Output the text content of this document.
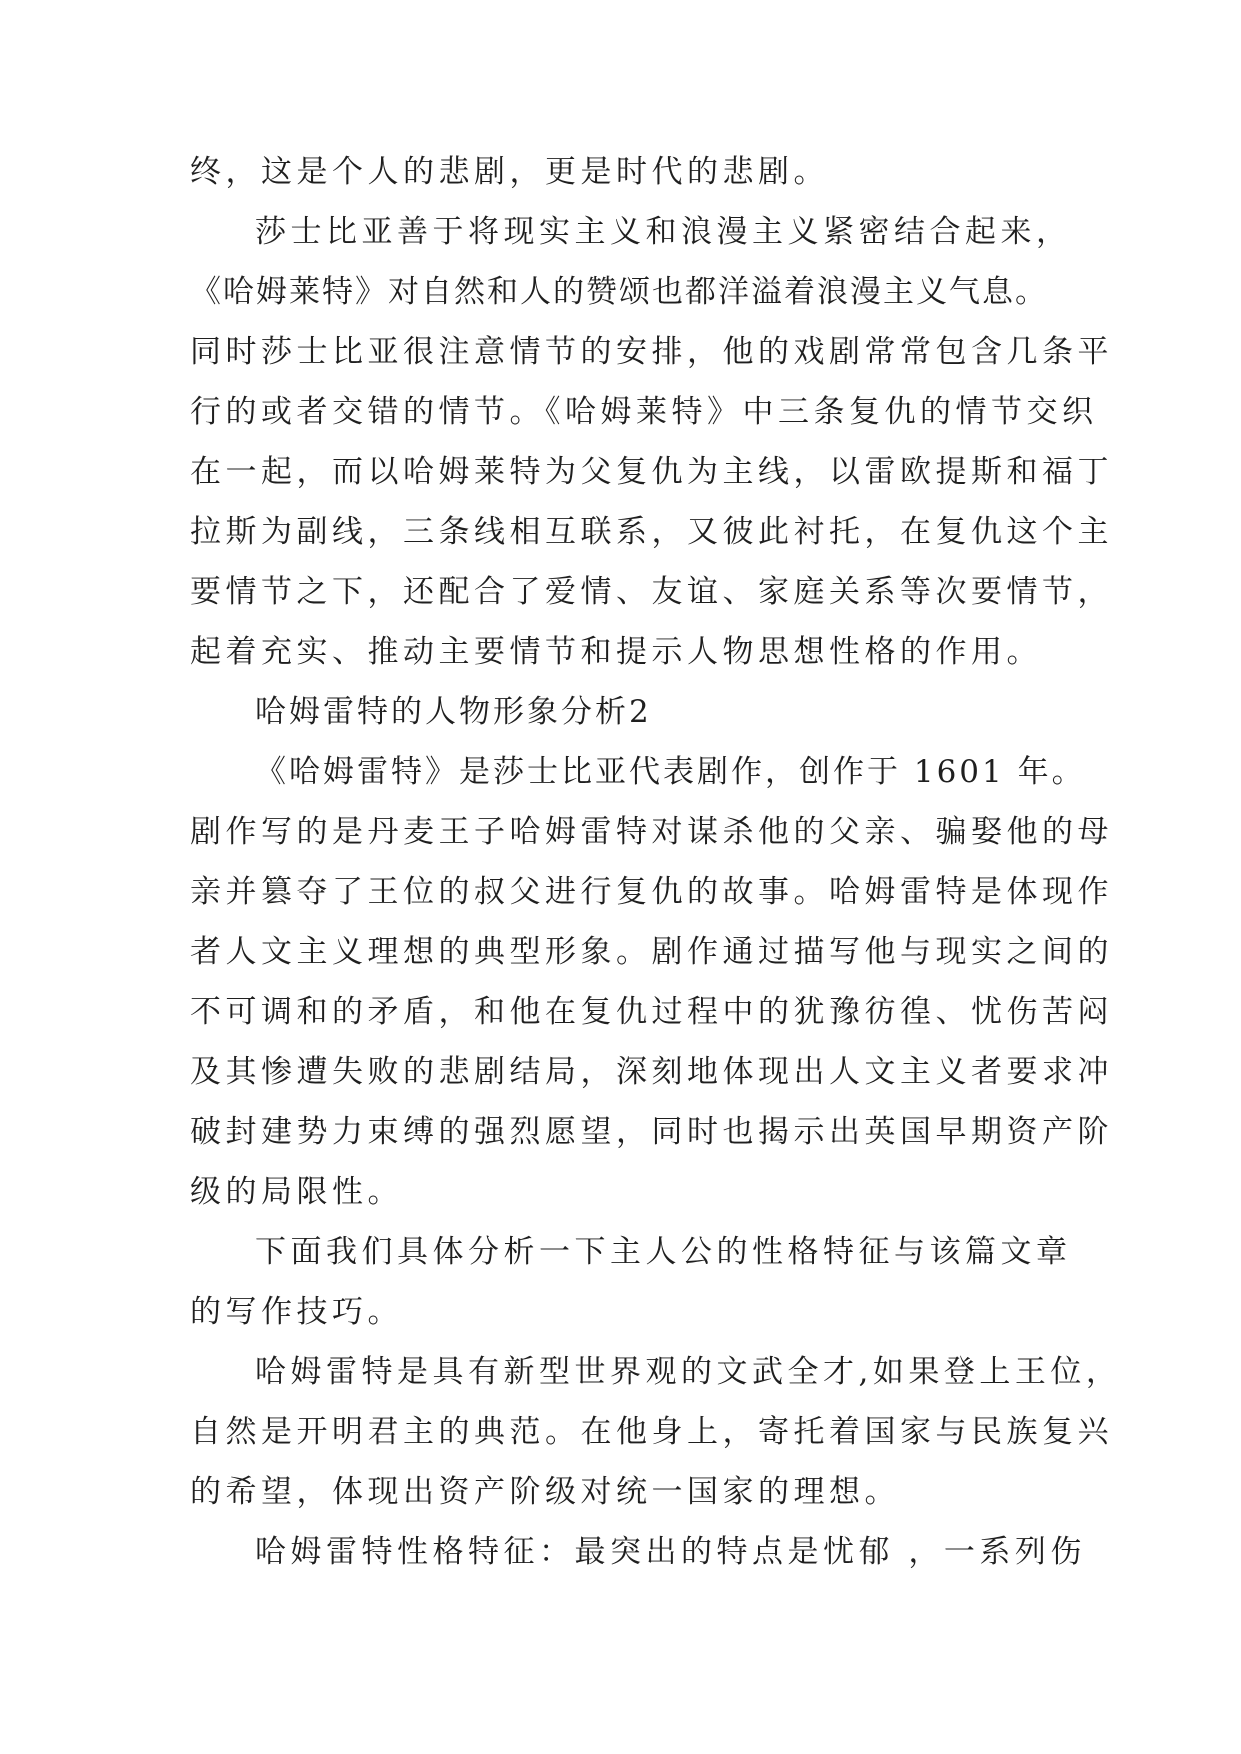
终，这是个人的悲剧，更是时代的悲剧。

莎士比亚善于将现实主义和浪漫主义紧密结合起来，

《哈姆莱特》对自然和人的赞颂也都洋溢着浪漫主义气息。

同时莎士比亚很注意情节的安排，他的戏剧常常包含几条平

行的或者交错的情节。《哈姆莱特》中三条复仇的情节交织

在一起，而以哈姆莱特为父复仇为主线，以雷欧提斯和福丁

拉斯为副线，三条线相互联系，又彼此衬托，在复仇这个主

要情节之下，还配合了爱情、友谊、家庭关系等次要情节，

起着充实、推动主要情节和提示人物思想性格的作用。

哈姆雷特的人物形象分析2

《哈姆雷特》是莎士比亚代表剧作，创作于 1601 年。

剧作写的是丹麦王子哈姆雷特对谋杀他的父亲、骗娶他的母

亲并篡夺了王位的叔父进行复仇的故事。哈姆雷特是体现作

者人文主义理想的典型形象。剧作通过描写他与现实之间的

不可调和的矛盾，和他在复仇过程中的犹豫彷徨、忧伤苦闷

及其惨遭失败的悲剧结局，深刻地体现出人文主义者要求冲

破封建势力束缚的强烈愿望，同时也揭示出英国早期资产阶

级的局限性。

下面我们具体分析一下主人公的性格特征与该篇文章

的写作技巧。

哈姆雷特是具有新型世界观的文武全才,如果登上王位，

自然是开明君主的典范。在他身上，寄托着国家与民族复兴

的希望，体现出资产阶级对统一国家的理想。

哈姆雷特性格特征：最突出的特点是忧郁 ，一系列伤
